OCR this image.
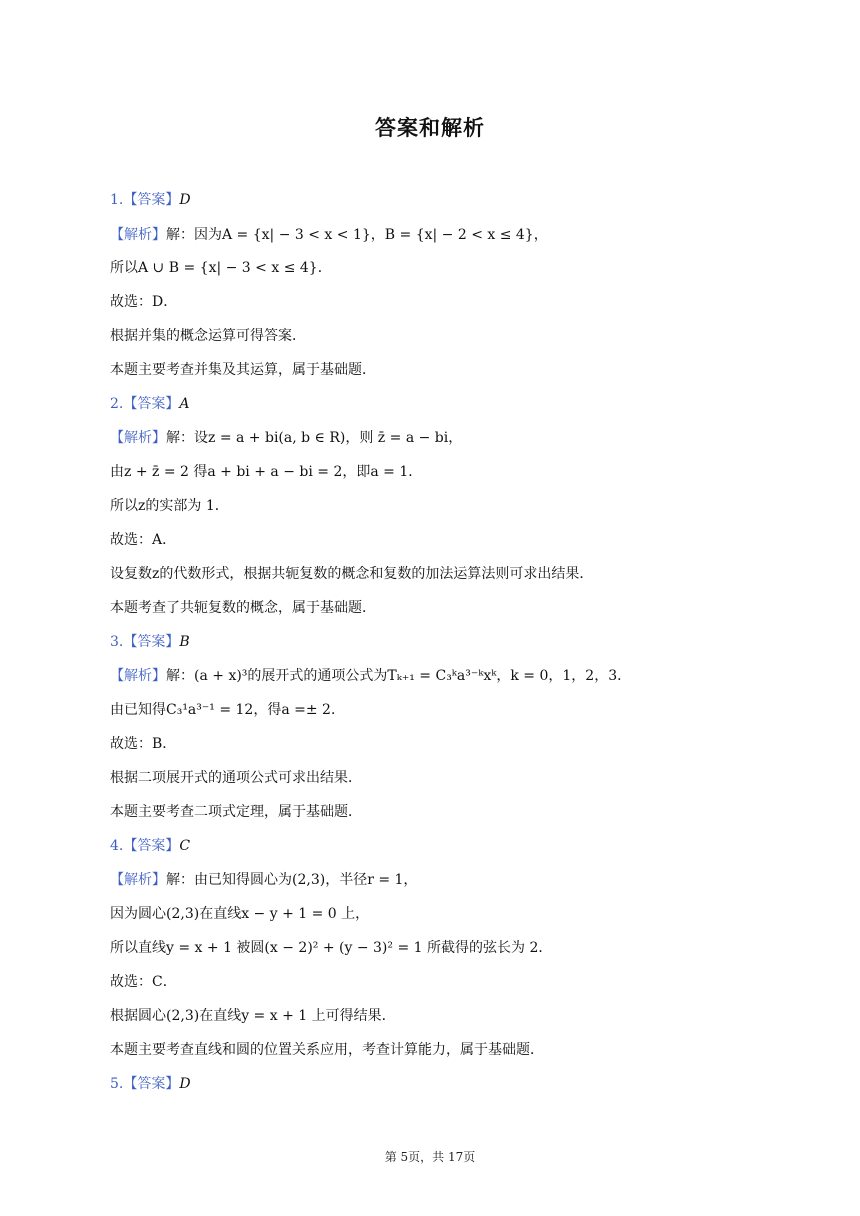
答案和解析
1.【答案】D
【解析】解：因为A = {x| − 3 < x < 1}，B = {x| − 2 < x ≤ 4}，
所以A ∪ B = {x| − 3 < x ≤ 4}．
故选：D．
根据并集的概念运算可得答案．
本题主要考查并集及其运算，属于基础题．
2.【答案】A
【解析】解：设z = a + bi(a, b ∈ R)，则 z̄ = a − bi，
由z + z̄ = 2 得a + bi + a − bi = 2，即a = 1．
所以z的实部为 1．
故选：A．
设复数z的代数形式，根据共轭复数的概念和复数的加法运算法则可求出结果．
本题考查了共轭复数的概念，属于基础题．
3.【答案】B
【解析】解：(a + x)³的展开式的通项公式为Tₖ₊₁ = C₃ᵏa³⁻ᵏxᵏ，k = 0，1，2，3．
由已知得C₃¹a³⁻¹ = 12，得a =± 2．
故选：B．
根据二项展开式的通项公式可求出结果．
本题主要考查二项式定理，属于基础题．
4.【答案】C
【解析】解：由已知得圆心为(2,3)，半径r = 1，
因为圆心(2,3)在直线x − y + 1 = 0 上，
所以直线y = x + 1 被圆(x − 2)² + (y − 3)² = 1 所截得的弦长为 2．
故选：C．
根据圆心(2,3)在直线y = x + 1 上可得结果．
本题主要考查直线和圆的位置关系应用，考查计算能力，属于基础题．
5.【答案】D
第 5页，共 17页
